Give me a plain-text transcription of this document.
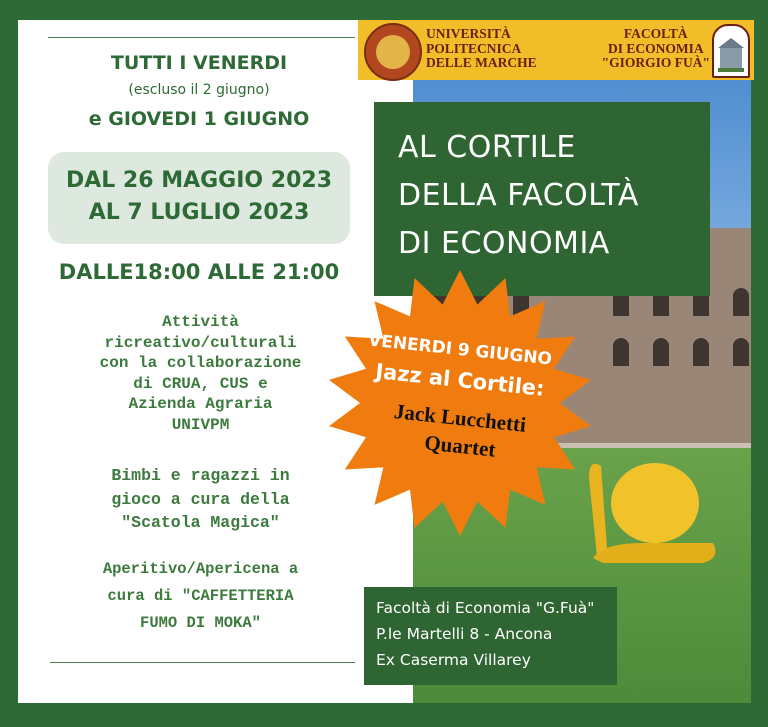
TUTTI I VENERDI
(escluso il 2 giugno)
e GIOVEDI 1 GIUGNO
DAL 26 MAGGIO 2023
AL 7 LUGLIO 2023
DALLE18:00 ALLE 21:00
Attività
ricreativo/culturali
con la collaborazione
di CRUA, CUS e
Azienda Agraria
UNIVPM
Bimbi e ragazzi in
gioco a cura della
"Scatola Magica"
Aperitivo/Apericena a
cura di "CAFFETTERIA
FUMO DI MOKA"
UNIVERSITÀ
POLITECNICA
DELLE MARCHE
FACOLTÀ
DI ECONOMIA
"GIORGIO FUÀ"
AL CORTILE
DELLA FACOLTÀ
DI ECONOMIA
VENERDI 9 GIUGNO
Jazz al Cortile:
Jack Lucchetti
Quartet
Facoltà di Economia "G.Fuà"
P.le Martelli 8 - Ancona
Ex Caserma Villarey
